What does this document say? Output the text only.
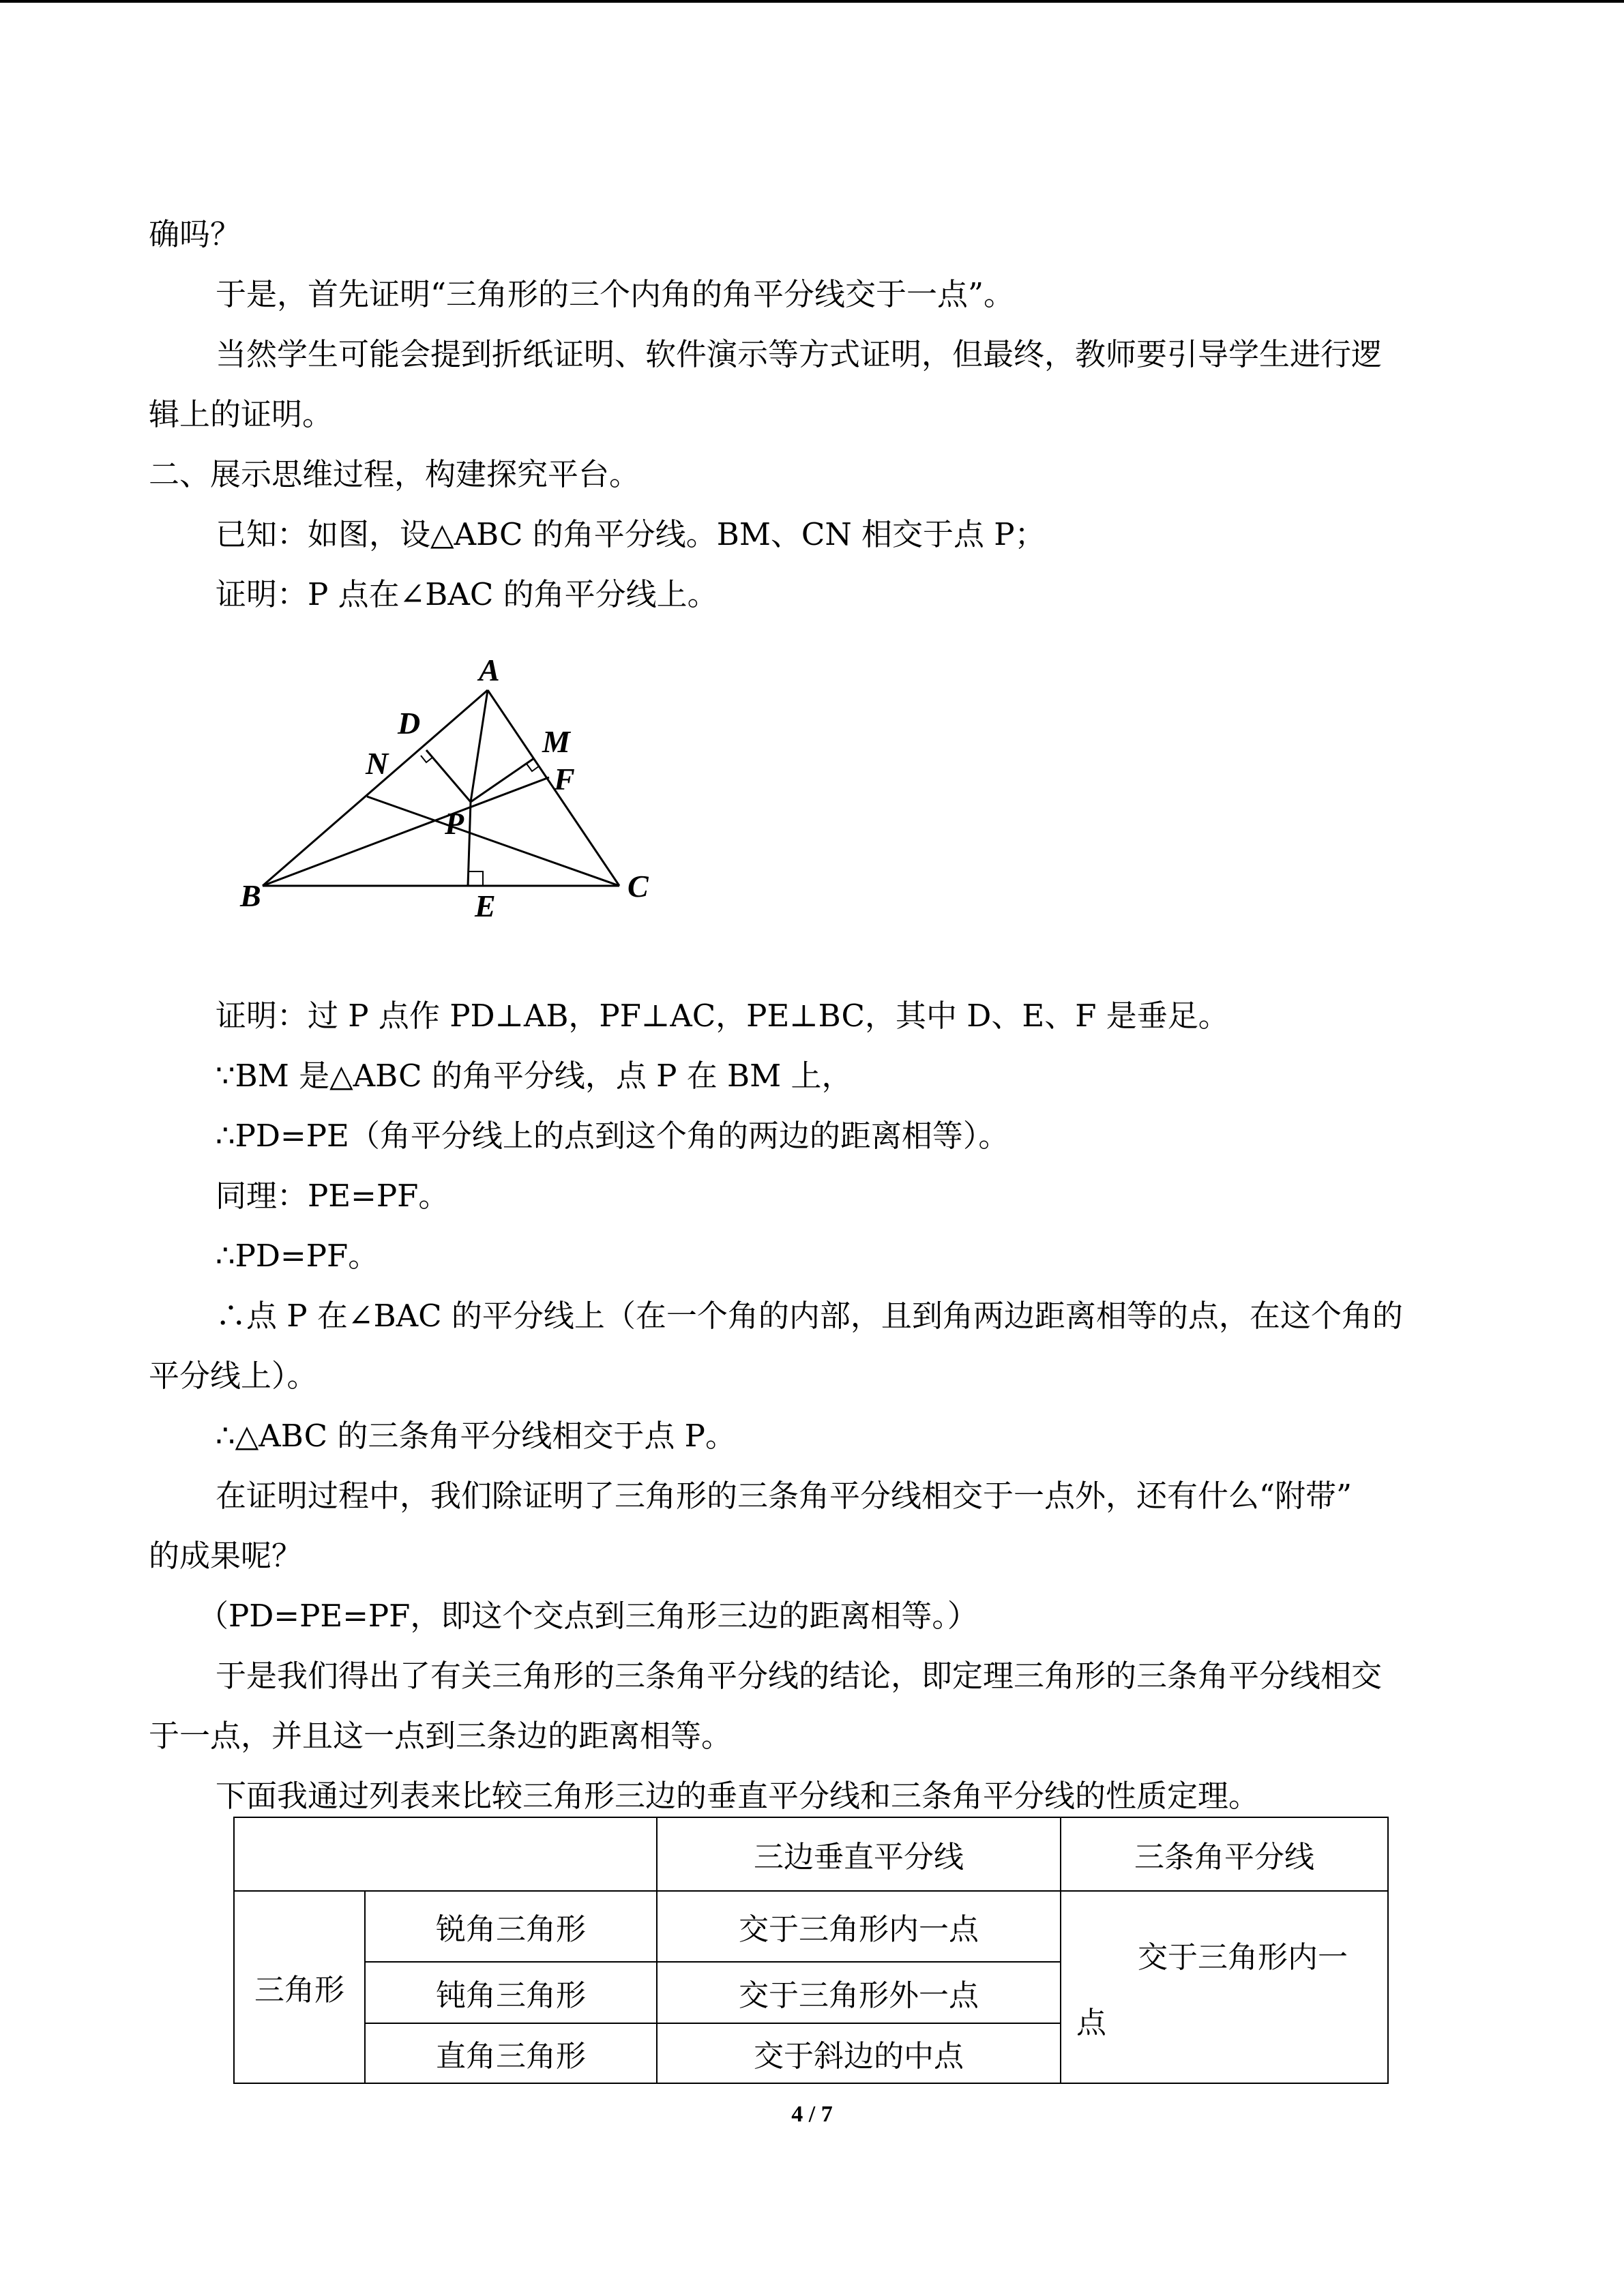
确吗？
于是，首先证明“三角形的三个内角的角平分线交于一点”。
当然学生可能会提到折纸证明、软件演示等方式证明，但最终，教师要引导学生进行逻
辑上的证明。
二、展示思维过程，构建探究平台。
已知：如图，设△ABC 的角平分线。BM、CN 相交于点 P；
证明：P 点在∠BAC 的角平分线上。
A
B	C
D
E
F
M
N
P
证明：过 P 点作 PD⊥AB，PF⊥AC，PE⊥BC，其中 D、E、F 是垂足。
∵BM 是△ABC 的角平分线，点 P 在 BM 上，
∴PD=PE（角平分线上的点到这个角的两边的距离相等）。
同理：PE=PF。
∴PD=PF。
∴点 P 在∠BAC 的平分线上（在一个角的内部，且到角两边距离相等的点，在这个角的
平分线上）。
∴△ABC 的三条角平分线相交于点 P。
在证明过程中，我们除证明了三角形的三条角平分线相交于一点外，还有什么“附带”
的成果呢？
（PD=PE=PF，即这个交点到三角形三边的距离相等。）
于是我们得出了有关三角形的三条角平分线的结论，即定理三角形的三条角平分线相交
于一点，并且这一点到三条边的距离相等。
下面我通过列表来比较三角形三边的垂直平分线和三条角平分线的性质定理。
		三边垂直平分线	三条角平分线
三角形	锐角三角形	交于三角形内一点	交于三角形内一
点

	钝角三角形	交于三角形外一点	
	直角三角形	交于斜边的中点	
4 / 7
